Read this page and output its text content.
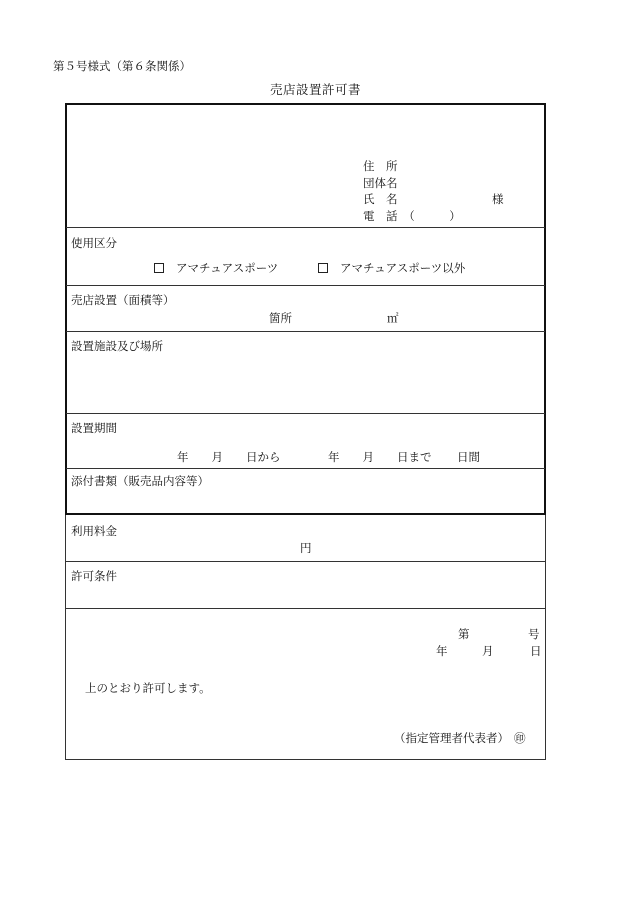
第５号様式（第６条関係）
売店設置許可書
住　所
団体名
氏　名	様
電　話　（　　　）
使用区分
アマチュアスポーツ	アマチュアスポーツ以外
売店設置（面積等）
箇所	㎡
設置施設及び場所
設置期間
年　　月　　日から	年　　月　　日まで 日間
添付書類（販売品内容等）
利用料金
円
許可条件
第	号
年	月	日
上のとおり許可します。
（指定管理者代表者） ㊞
